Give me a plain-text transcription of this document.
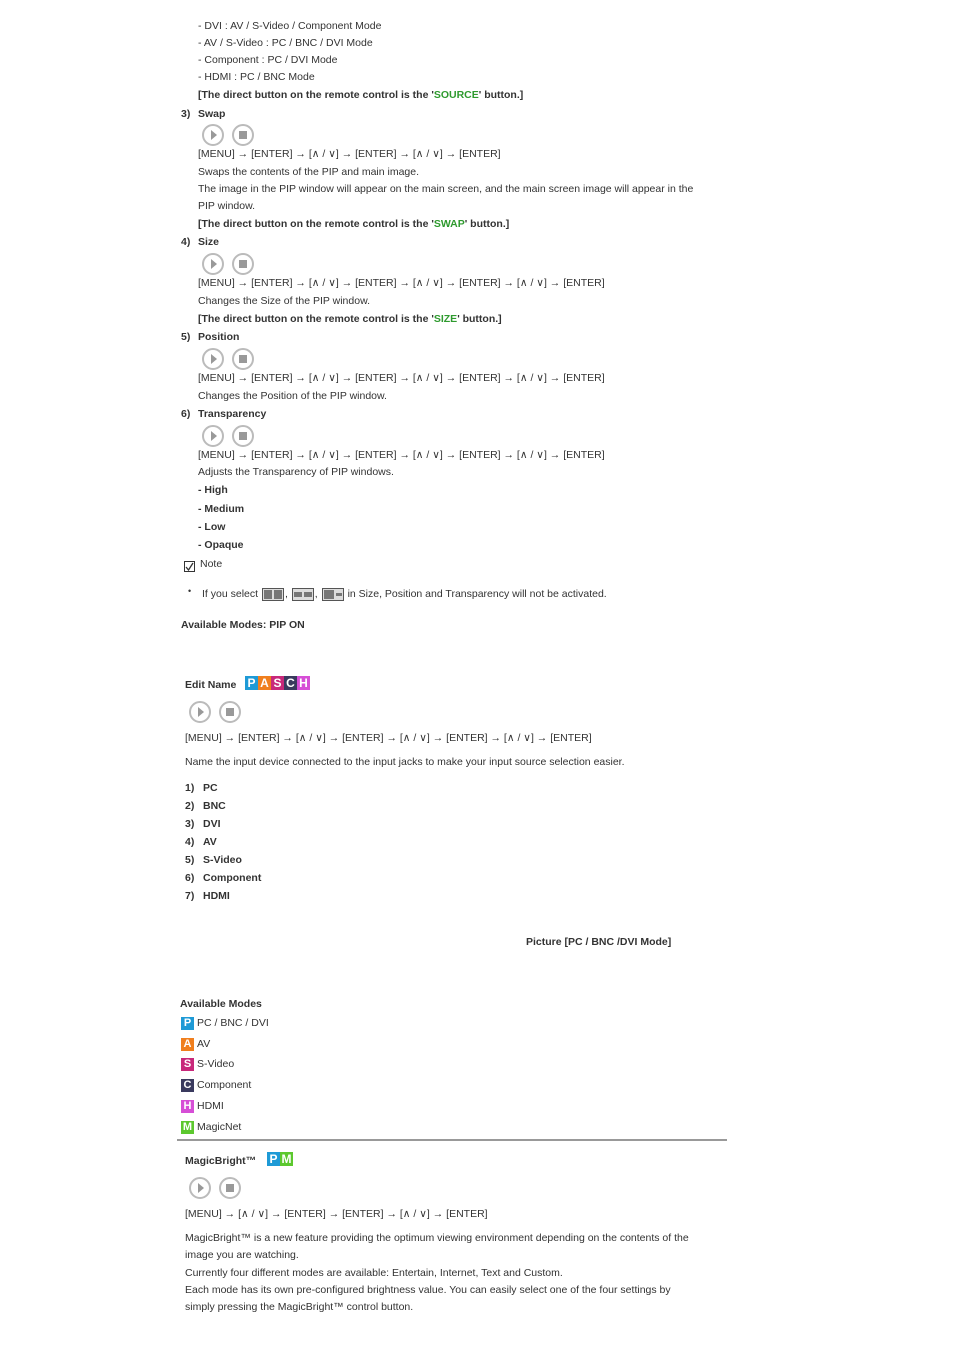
- DVI : AV / S-Video / Component Mode
- AV / S-Video : PC / BNC / DVI Mode
- Component : PC / DVI Mode
- HDMI : PC / BNC Mode
[The direct button on the remote control is the 'SOURCE' button.]
3) Swap
[MENU] → [ENTER] → [∧ / ∨] → [ENTER] → [∧ / ∨] → [ENTER]
Swaps the contents of the PIP and main image.
The image in the PIP window will appear on the main screen, and the main screen image will appear in the
PIP window.
[The direct button on the remote control is the 'SWAP' button.]
4) Size
[MENU] → [ENTER] → [∧ / ∨] → [ENTER] → [∧ / ∨] → [ENTER] → [∧ / ∨] → [ENTER]
Changes the Size of the PIP window.
[The direct button on the remote control is the 'SIZE' button.]
5) Position
[MENU] → [ENTER] → [∧ / ∨] → [ENTER] → [∧ / ∨] → [ENTER] → [∧ / ∨] → [ENTER]
Changes the Position of the PIP window.
6) Transparency
[MENU] → [ENTER] → [∧ / ∨] → [ENTER] → [∧ / ∨] → [ENTER] → [∧ / ∨] → [ENTER]
Adjusts the Transparency of PIP windows.
- High
- Medium
- Low
- Opaque
Note
• If you select	,	,	in Size, Position and Transparency will not be activated.
Available Modes: PIP ON
Edit Name P A S C H
[MENU] → [ENTER] → [∧ / ∨] → [ENTER] → [∧ / ∨] → [ENTER] → [∧ / ∨] → [ENTER]
Name the input device connected to the input jacks to make your input source selection easier.
1) PC
2) BNC
3) DVI
4) AV
5) S-Video
6) Component
7) HDMI
Picture [PC / BNC /DVI Mode]
Available Modes
P PC / BNC / DVI
A AV
S S-Video
C Component
H HDMI
M MagicNet
MagicBright™ P M
[MENU] → [∧ / ∨] → [ENTER] → [ENTER] → [∧ / ∨] → [ENTER]
MagicBright™ is a new feature providing the optimum viewing environment depending on the contents of the
image you are watching.
Currently four different modes are available: Entertain, Internet, Text and Custom.
Each mode has its own pre-configured brightness value. You can easily select one of the four settings by
simply pressing the MagicBright™ control button.
